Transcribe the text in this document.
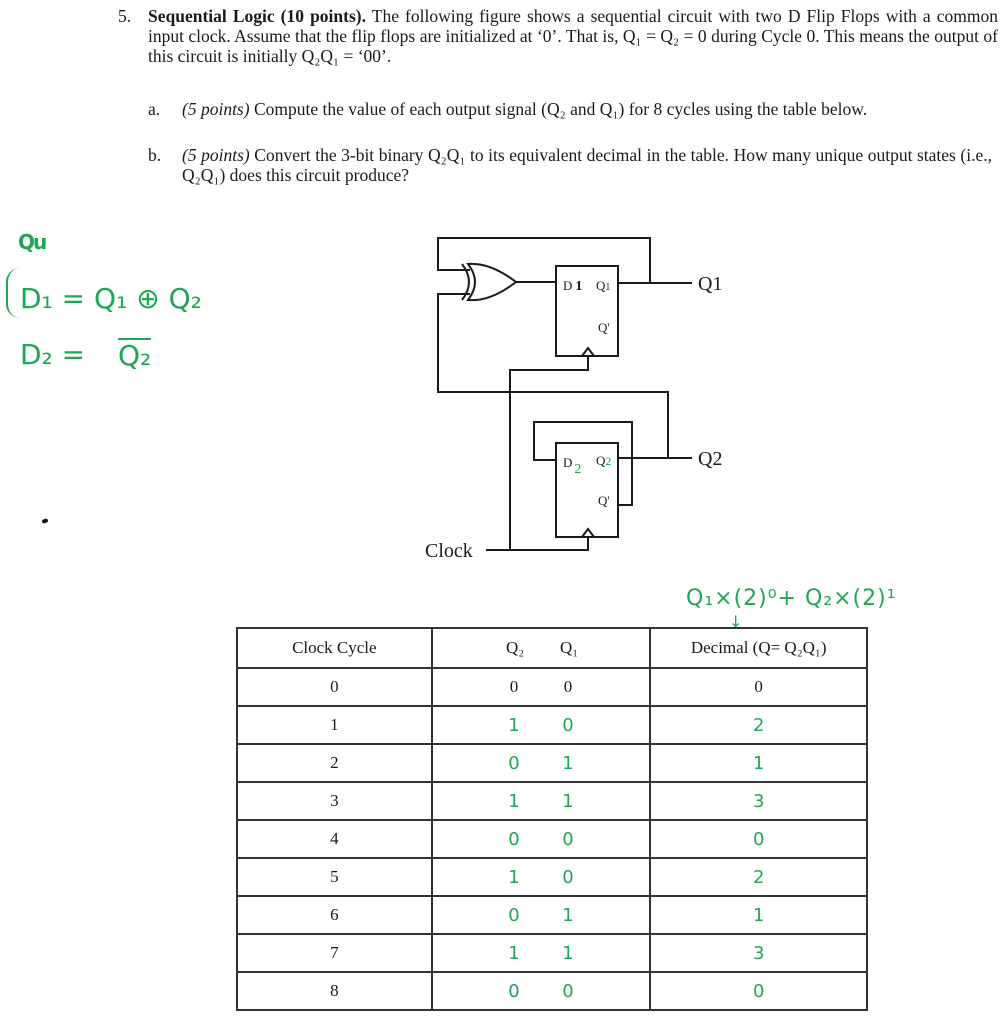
5. Sequential Logic (10 points). The following figure shows a sequential circuit with two D Flip Flops with a common input clock. Assume that the flip flops are initialized at ‘0’. That is, Q₁ = Q₂ = 0 during Cycle 0. This means the output of this circuit is initially Q₂Q₁ = ‘00’.
a. (5 points) Compute the value of each output signal (Q₂ and Q₁) for 8 cycles using the table below.
b. (5 points) Convert the 3-bit binary Q₂Q₁ to its equivalent decimal in the table. How many unique output states (i.e., Q₂Q₁) does this circuit produce?
Qu
D₁ = Q₁ ⊕ Q₂
D₂ = Q₂
D 1 Q1
Q'
D 2
Q2
Q'
Q1
Q2
Clock
Q₁×(2)⁰+ Q₂×(2)¹
↓
Clock Cycle	Q₂ Q₁	Decimal (Q= Q₂Q₁)
0	0 0	0
1	1 0	2
2	0 1	1
3	1 1	3
4	0 0	0
5	1 0	2
6	0 1	1
7	1 1	3
8	0 0	0
